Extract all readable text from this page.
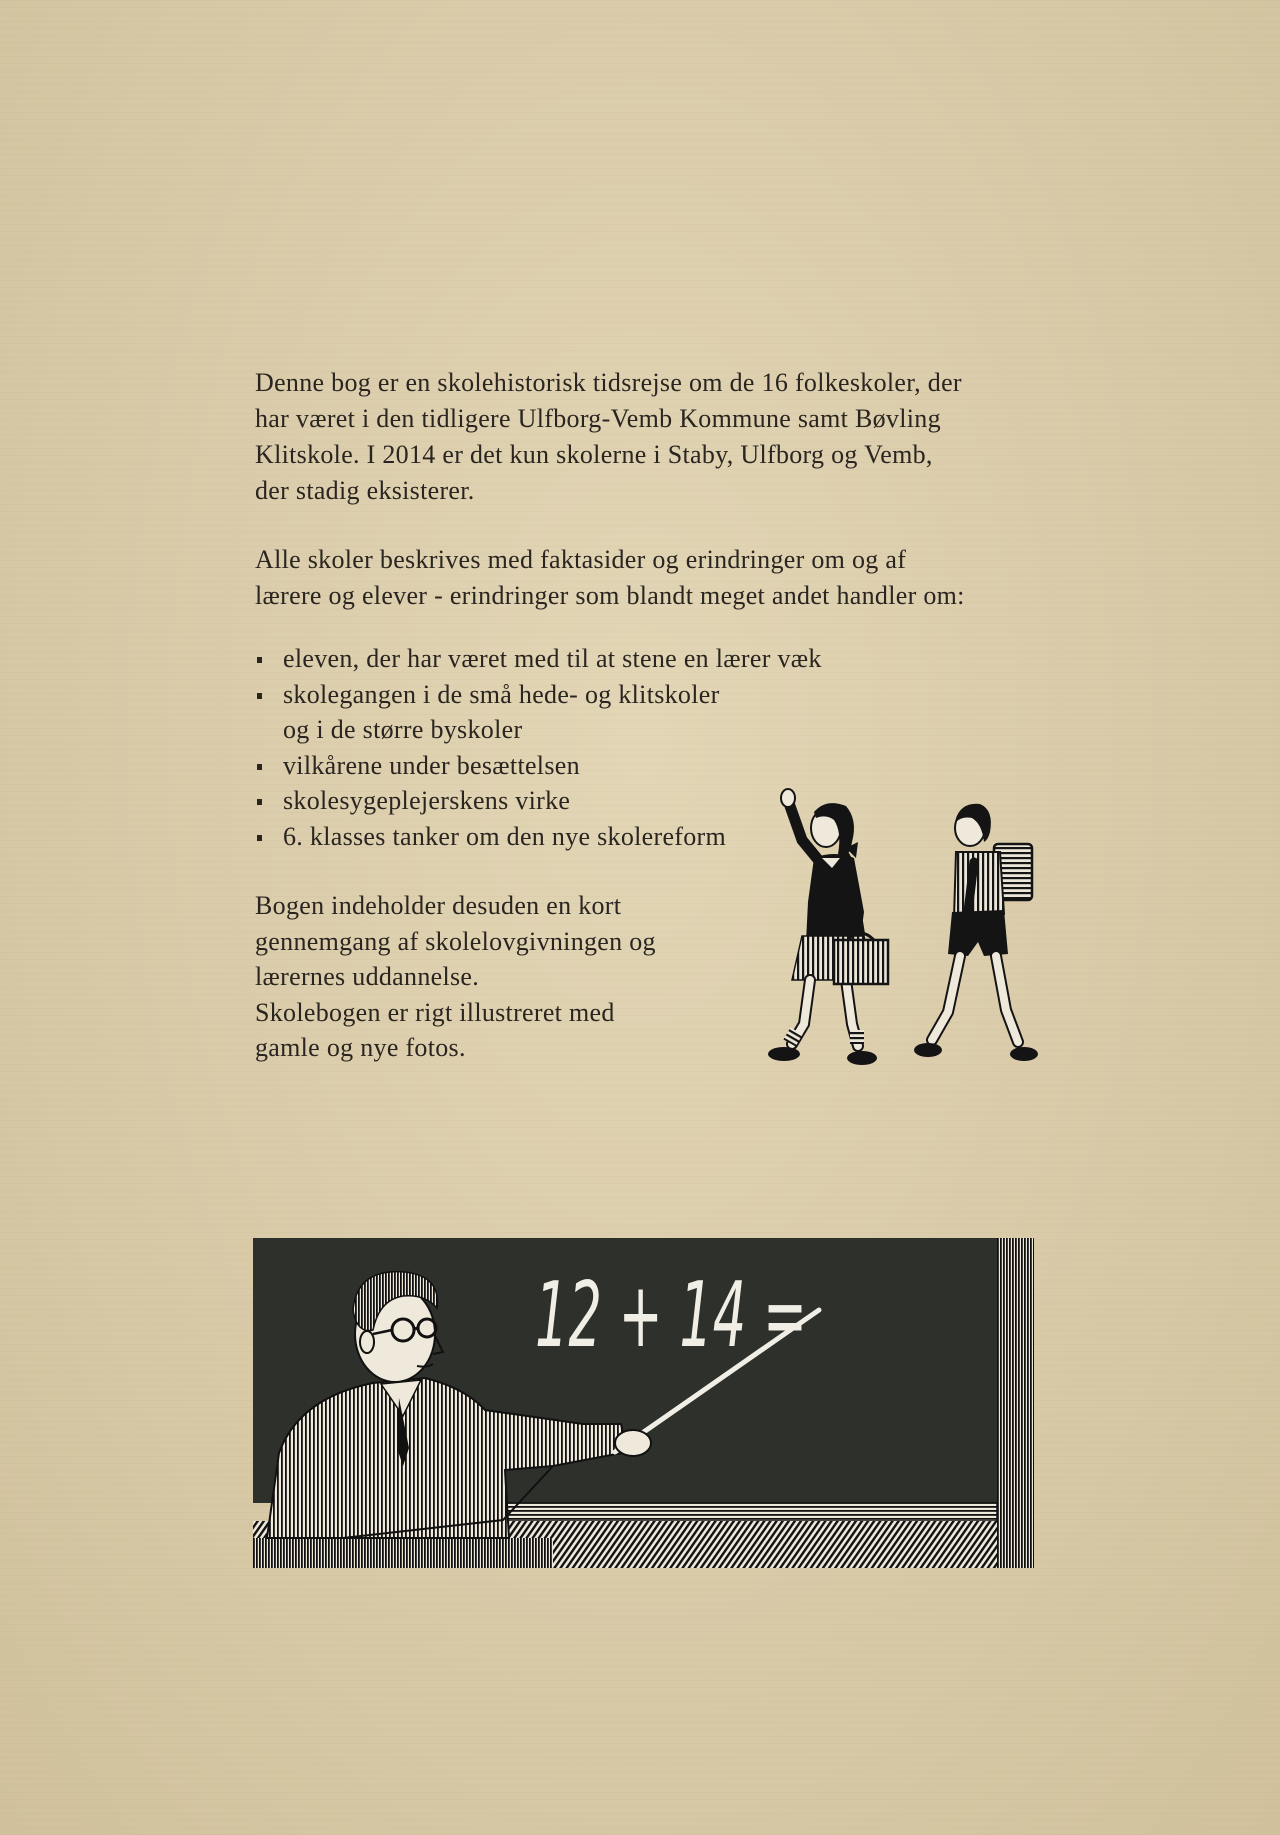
Denne bog er en skolehistorisk tidsrejse om de 16 folkeskoler, der
har været i den tidligere Ulfborg-Vemb Kommune samt Bøvling
Klitskole. I 2014 er det kun skolerne i Staby, Ulfborg og Vemb,
der stadig eksisterer.
Alle skoler beskrives med faktasider og erindringer om og af
lærere og elever - erindringer som blandt meget andet handler om:
eleven, der har været med til at stene en lærer væk
skolegangen i de små hede- og klitskoler
og i de større byskoler
vilkårene under besættelsen
skolesygeplejerskens virke
6. klasses tanker om den nye skolereform
Bogen indeholder desuden en kort
gennemgang af skolelovgivningen og
lærernes uddannelse.
Skolebogen er rigt illustreret med
gamle og nye fotos.
12 + 14 =
